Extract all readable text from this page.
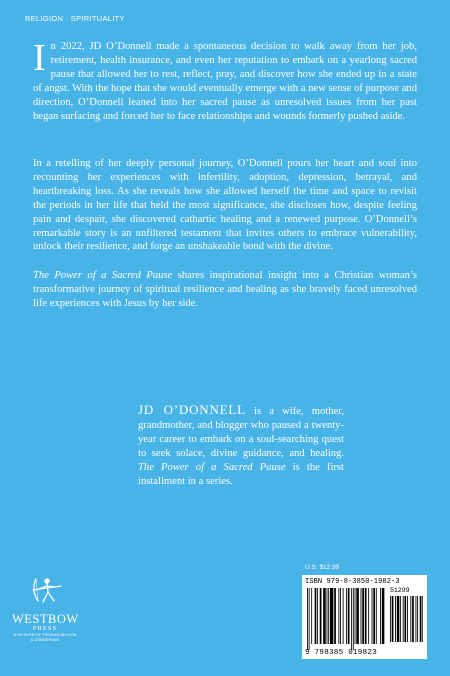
RELIGION · SPIRITUALITY

In 2022, JD O’Donnell made a spontaneous decision to walk away from her job, retirement, health insurance, and even her reputation to embark on a yearlong sacred pause that allowed her to rest, reflect, pray, and discover how she ended up in a state of angst. With the hope that she would eventually emerge with a new sense of purpose and direction, O’Donnell leaned into her sacred pause as unresolved issues from her past began surfacing and forced her to face relationships and wounds formerly pushed aside.

In a retelling of her deeply personal journey, O’Donnell pours her heart and soul into recounting her experiences with infertility, adoption, depression, betrayal, and heartbreaking loss. As she reveals how she allowed herself the time and space to revisit the periods in her life that held the most significance, she discloses how, despite feeling pain and despair, she discovered cathartic healing and a renewed purpose. O’Donnell’s remarkable story is an unfiltered testament that invites others to embrace vulnerability, unlock their resilience, and forge an unshakeable bond with the divine.

The Power of a Sacred Pause shares inspirational insight into a Christian woman’s transformative journey of spiritual resilience and healing as she bravely faced unresolved life experiences with Jesus by her side.

JD O’DONNELL is a wife, mother, grandmother, and blogger who paused a twenty-year career to embark on a soul-searching quest to seek solace, divine guidance, and healing. The Power of a Sacred Pause is the first installment in a series.

WESTBOW
PRESS
A DIVISION OF THOMAS NELSON
& ZONDERVAN
U.S. $12.99
ISBN 979-8-3850-1982-3
51299
9 798385 019823
